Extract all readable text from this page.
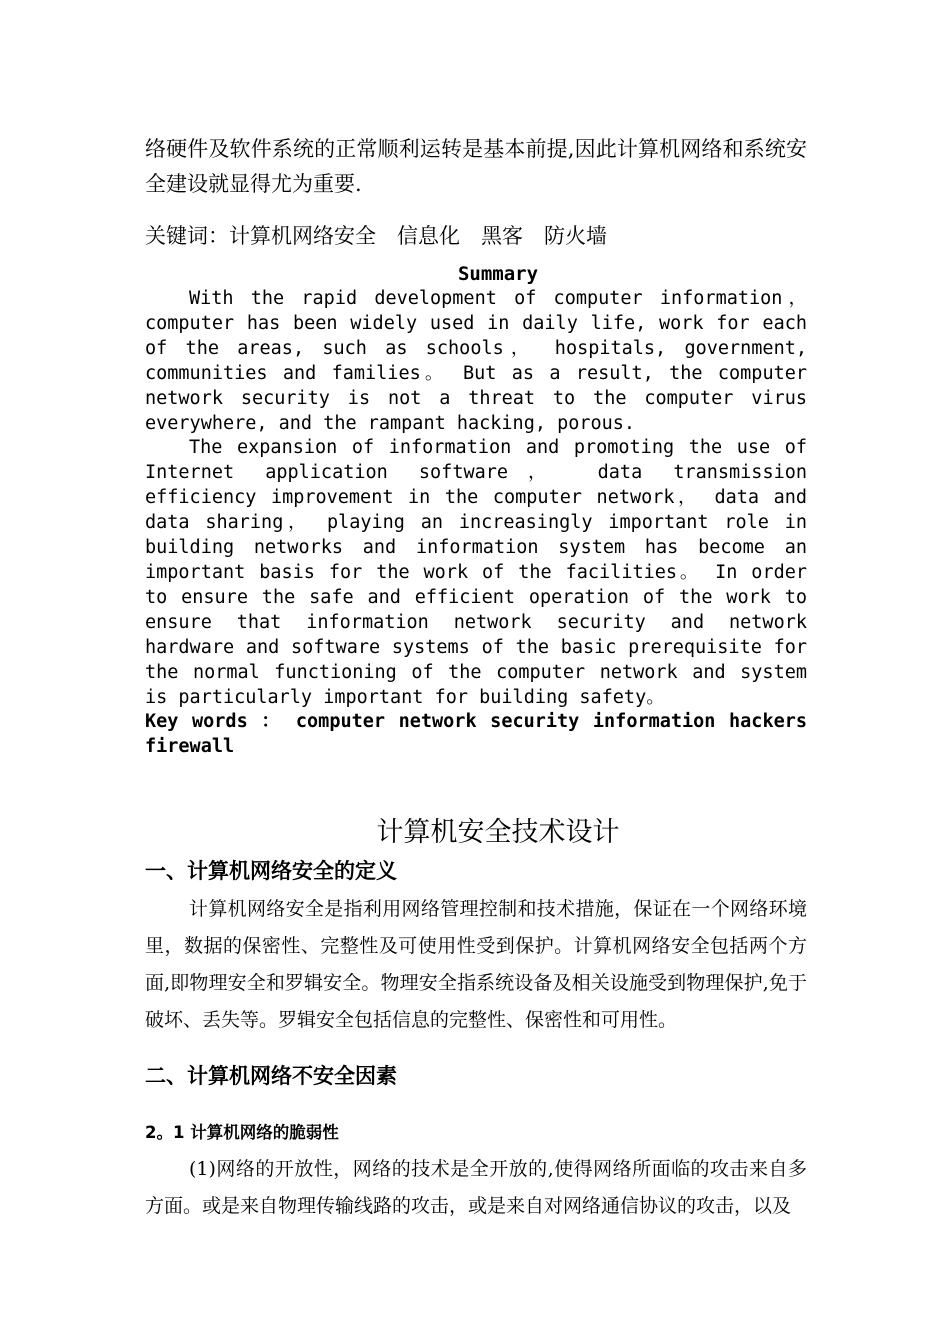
络硬件及软件系统的正常顺利运转是基本前提,因此计算机网络和系统安全建设就显得尤为重要.

关键词：计算机网络安全　信息化　黑客　防火墙

Summary

With the rapid development of computer information， computer has been widely used in daily life, work for each of the areas, such as schools， hospitals, government, communities and families。 But as a result, the computer network security is not a threat to the computer virus everywhere, and the rampant hacking, porous.

The expansion of information and promoting the use of Internet application software， data transmission efficiency improvement in the computer network， data and data sharing， playing an increasingly important role in building networks and information system has become an important basis for the work of the facilities。 In order to ensure the safe and efficient operation of the work to ensure that information network security and network hardware and software systems of the basic prerequisite for the normal functioning of the computer network and system is particularly important for building safety。

Key words ： computer network security information hackers firewall

计算机安全技术设计
一、计算机网络安全的定义

计算机网络安全是指利用网络管理控制和技术措施，保证在一个网络环境里，数据的保密性、完整性及可使用性受到保护。计算机网络安全包括两个方面,即物理安全和罗辑安全。物理安全指系统设备及相关设施受到物理保护,免于破坏、丢失等。罗辑安全包括信息的完整性、保密性和可用性。

二、计算机网络不安全因素
2。1 计算机网络的脆弱性

(1)网络的开放性，网络的技术是全开放的,使得网络所面临的攻击来自多方面。或是来自物理传输线路的攻击，或是来自对网络通信协议的攻击，以及
